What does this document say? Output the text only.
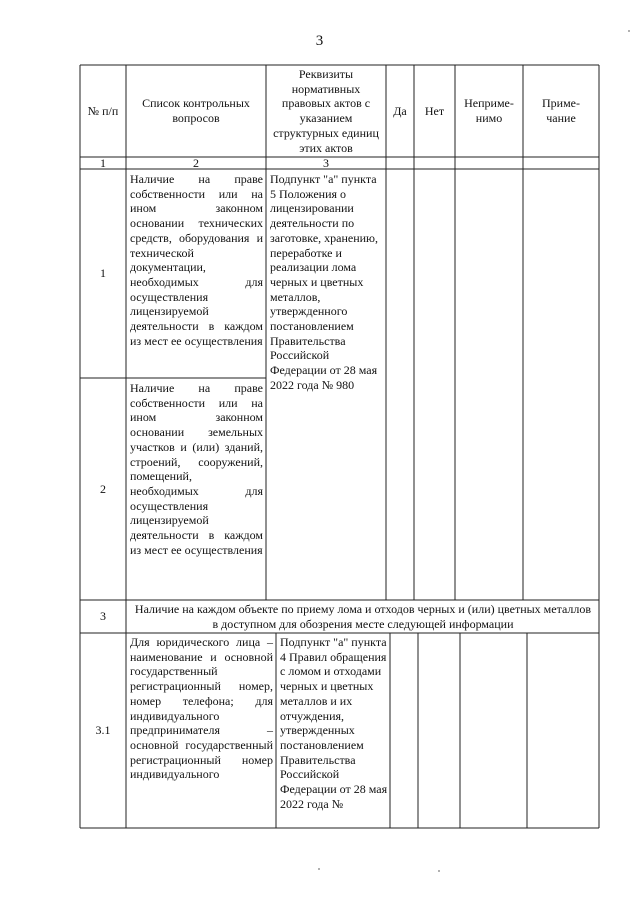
3
№ п/п
Список контрольных вопросов
Реквизиты нормативных правовых актов с указанием структурных единиц этих актов
Да Нет
Неприме-нимо
Приме-чание
1	2	3
1
Наличие на праве собственности или на ином законном основании технических средств, оборудования и технической документации, необходимых для осуществления лицензируемой деятельности в каждом из мест ее осуществления
Подпункт "а" пункта 5 Положения о лицензировании деятельности по заготовке, хранению, переработке и реализации лома черных и цветных металлов, утвержденного постановлением Правительства Российской Федерации от 28 мая 2022 года № 980
2
Наличие на праве собственности или на ином законном основании земельных участков и (или) зданий, строений, сооружений, помещений, необходимых для осуществления лицензируемой деятельности в каждом из мест ее осуществления
3
Наличие на каждом объекте по приему лома и отходов черных и (или) цветных металлов в доступном для обозрения месте следующей информации
3.1
Для юридического лица – наименование и основной государственный регистрационный номер, номер телефона; для индивидуального предпринимателя – основной государственный регистрационный номер индивидуального
Подпункт "а" пункта 4 Правил обращения с ломом и отходами черных и цветных металлов и их отчуждения, утвержденных постановлением Правительства Российской Федерации от 28 мая 2022 года №
